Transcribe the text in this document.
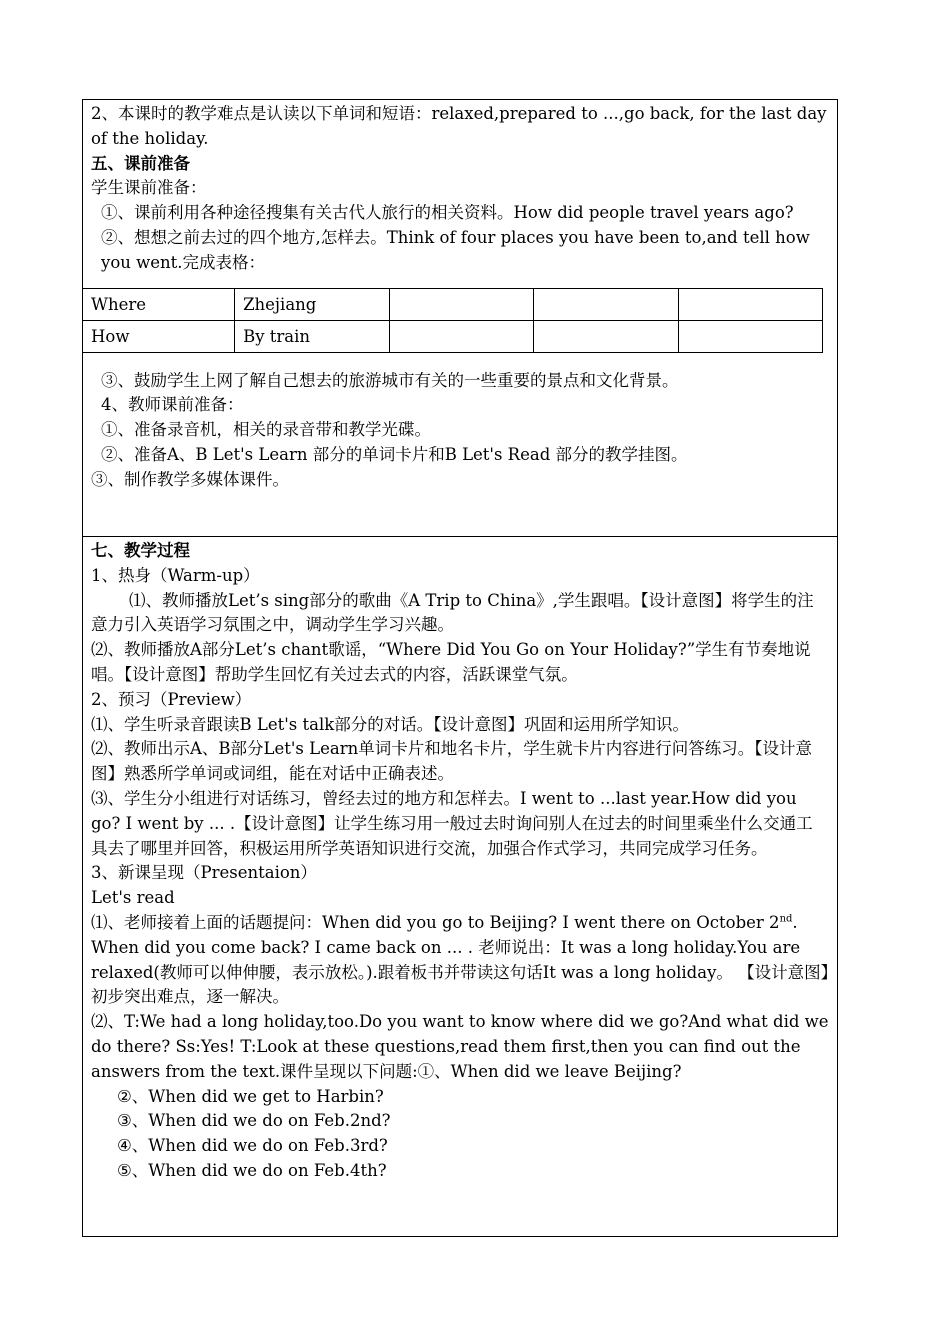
2、本课时的教学难点是认读以下单词和短语：relaxed,prepared to ...,go back, for the last day of the holiday.

五、课前准备

学生课前准备：

①、课前利用各种途径搜集有关古代人旅行的相关资料。How did people travel years ago?

②、想想之前去过的四个地方,怎样去。Think of four places you have been to,and tell how you went.完成表格：

Where	Zhejiang			
How	By train			

③、鼓励学生上网了解自己想去的旅游城市有关的一些重要的景点和文化背景。

4、教师课前准备：

①、准备录音机，相关的录音带和教学光碟。

②、准备A、B Let's Learn 部分的单词卡片和B Let's Read 部分的教学挂图。

③、制作教学多媒体课件。

七、教学过程

1、热身（Warm-up）

⑴、教师播放Let’s sing部分的歌曲《A Trip to China》,学生跟唱。【设计意图】将学生的注意力引入英语学习氛围之中，调动学生学习兴趣。

⑵、教师播放A部分Let’s chant歌谣，“Where Did You Go on Your Holiday?”学生有节奏地说唱。【设计意图】帮助学生回忆有关过去式的内容，活跃课堂气氛。

2、预习（Preview）

⑴、学生听录音跟读B Let's talk部分的对话。【设计意图】巩固和运用所学知识。

⑵、教师出示A、B部分Let's Learn单词卡片和地名卡片，学生就卡片内容进行问答练习。【设计意图】熟悉所学单词或词组，能在对话中正确表述。

⑶、学生分小组进行对话练习，曾经去过的地方和怎样去。I went to ...last year.How did you go? I went by ... .【设计意图】让学生练习用一般过去时询问别人在过去的时间里乘坐什么交通工具去了哪里并回答，积极运用所学英语知识进行交流，加强合作式学习，共同完成学习任务。

3、新课呈现（Presentaion）

Let's read

⑴、老师接着上面的话题提问：When did you go to Beijing? I went there on October 2nd. When did you come back? I came back on ... . 老师说出：It was a long holiday.You are relaxed(教师可以伸伸腰，表示放松。).跟着板书并带读这句话It was a long holiday。 【设计意图】初步突出难点，逐一解决。

⑵、T:We had a long holiday,too.Do you want to know where did we go?And what did we do there? Ss:Yes! T:Look at these questions,read them first,then you can find out the answers from the text.课件呈现以下问题:①、When did we leave Beijing?

②、When did we get to Harbin?

③、When did we do on Feb.2nd?

④、When did we do on Feb.3rd?

⑤、When did we do on Feb.4th?
